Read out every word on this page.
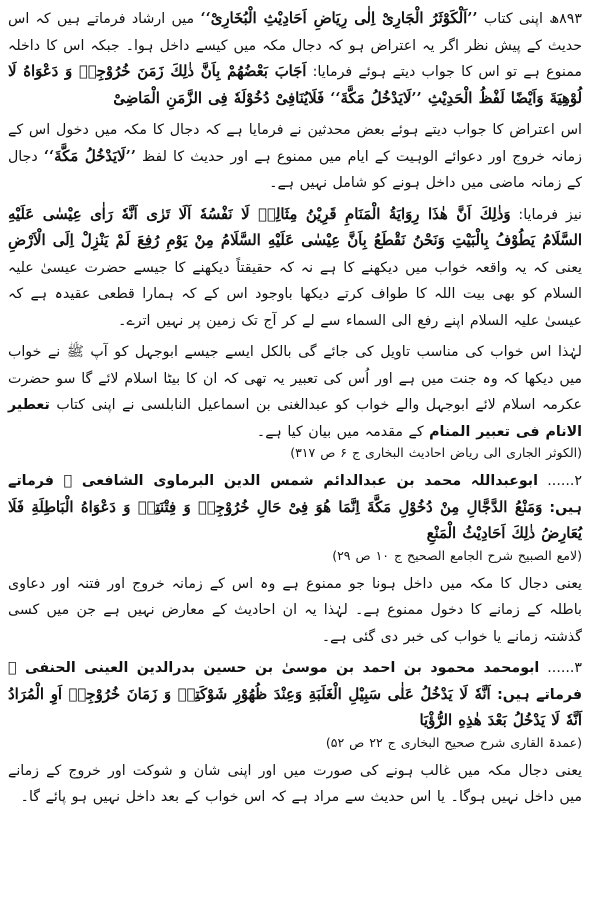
۸۹۳ھ اپنی کتاب ’’اَلْكَوْثَرُ الْجَارِیْ اِلٰی رِیَاضِ اَحَادِیْثِ الْبُخَارِیْ‘‘ میں ارشاد فرماتے ہیں کہ اس حدیث کے پیش نظر اگر یہ اعتراض ہو کہ دجال مکہ میں کیسے داخل ہوا۔ جبکہ اس کا داخلہ ممنوع ہے تو اس کا جواب دیتے ہوئے فرمایا: اَجَابَ بَعْضُهُمْ بِاَنَّ ذٰلِكَ زَمَنَ خُرُوْجِهٖ وَ دَعْوَاهُ لَا لُوْهِیَةَ وَاَیْضًا لَفْظُ الْحَدِیْثِ ’’لَایَدْخُلُ مَكَّةَ‘‘ فَلَایُنَافِیْ دُخُوْلَهٗ فِی الزَّمَنِ الْمَاضِیْ

اس اعتراض کا جواب دیتے ہوئے بعض محدثین نے فرمایا ہے کہ دجال کا مکہ میں دخول اس کے زمانہ خروج اور دعوائے الوہیت کے ایام میں ممنوع ہے اور حدیث کا لفظ ’’لَایَدْخُلُ مَكَّةَ‘‘ دجال کے زمانہ ماضی میں داخل ہونے کو شامل نہیں ہے۔

نیز فرمایا: وَذٰلِكَ اَنَّ هٰذَا رِوَایَةُ الْمَنَامِ قَرِیْنُ مِثَالِهٖ لَا نَفْسُهٗ اَلَا تَرٰی اَنَّهٗ رَاٰی عِیْسٰی عَلَیْهِ السَّلَامُ یَطُوْفُ بِالْبَیْتِ وَنَحْنُ نَقْطَعُ بِاَنَّ عِیْسٰی عَلَیْهِ السَّلَامُ مِنْ یَوْمِ رُفِعَ لَمْ یَنْزِلْ اِلَی الْاَرْضِ یعنی کہ یہ واقعہ خواب میں دیکھنے کا ہے نہ کہ حقیقتاً دیکھنے کا جیسے حضرت عیسیٰ علیہ السلام کو بھی بیت اللہ کا طواف کرتے دیکھا باوجود اس کے کہ ہمارا قطعی عقیدہ ہے کہ عیسیٰ علیہ السلام اپنے رفع الی السماء سے لے کر آج تک زمین پر نہیں اترے۔

لہٰذا اس خواب کی مناسب تاویل کی جائے گی بالکل ایسے جیسے ابوجہل کو آپ ﷺ نے خواب میں دیکھا کہ وہ جنت میں ہے اور اُس کی تعبیر یہ تھی کہ ان کا بیٹا اسلام لائے گا سو حضرت عکرمہ اسلام لائے ابوجہل والے خواب کو عبدالغنی بن اسماعیل النابلسی نے اپنی کتاب تعطیر الانام فی تعبیر المنام کے مقدمہ میں بیان کیا ہے۔
(الکوثر الجاری الی ریاض احادیث البخاری ج ۶ ص ۳۱۷)

۲...... ابوعبداللہ محمد بن عبدالدائم شمس الدین البرماوی الشافعی ﷫ فرماتے ہیں: وَمَنْعُ الدَّجَّالِ مِنْ دُخُوْلِ مَكَّةَ اِنَّمَا هُوَ فِیْ حَالِ خُرُوْجِهٖ وَ فِتْنَتِهٖ وَ دَعْوَاهُ الْبَاطِلَةِ فَلَا یُعَارِضُ ذٰلِكَ اَحَادِیْثُ الْمَنْعِ
(لامع الصبیح شرح الجامع الصحیح ج ۱۰ ص ۲۹)

یعنی دجال کا مکہ میں داخل ہونا جو ممنوع ہے وہ اس کے زمانہ خروج اور فتنہ اور دعاوی باطلہ کے زمانے کا دخول ممنوع ہے۔ لہٰذا یہ ان احادیث کے معارض نہیں ہے جن میں کسی گذشتہ زمانے یا خواب کی خبر دی گئی ہے۔

۳...... ابومحمد محمود بن احمد بن موسیٰ بن حسین بدرالدین العینی الحنفی ﷫ فرماتے ہیں: اَنَّهٗ لَا یَدْخُلُ عَلٰی سَبِیْلِ الْغَلَبَةِ وَعِنْدَ ظُهُوْرِ شَوْكَتِهٖ وَ زَمَانَ خُرُوْجِهٖ اَوِ الْمُرَادُ اَنَّهٗ لَا یَدْخُلُ بَعْدَ هٰذِهِ الرُّؤْیَا
(عمدۃ القاری شرح صحیح البخاری ج ۲۲ ص ۵۲)

یعنی دجال مکہ میں غالب ہونے کی صورت میں اور اپنی شان و شوکت اور خروج کے زمانے میں داخل نہیں ہوگا۔ یا اس حدیث سے مراد ہے کہ اس خواب کے بعد داخل نہیں ہو پائے گا۔
